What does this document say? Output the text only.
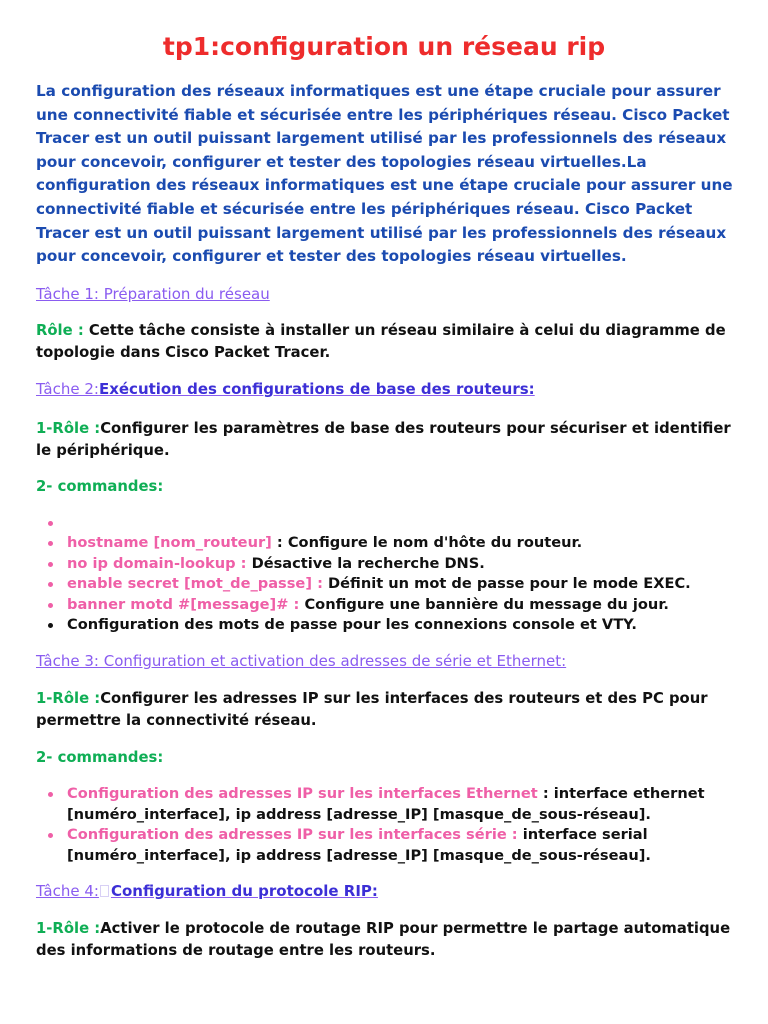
tp1:configuration un réseau rip

La configuration des réseaux informatiques est une étape cruciale pour assurer une connectivité fiable et sécurisée entre les périphériques réseau. Cisco Packet Tracer est un outil puissant largement utilisé par les professionnels des réseaux pour concevoir, configurer et tester des topologies réseau virtuelles.La configuration des réseaux informatiques est une étape cruciale pour assurer une connectivité fiable et sécurisée entre les périphériques réseau. Cisco Packet Tracer est un outil puissant largement utilisé par les professionnels des réseaux pour concevoir, configurer et tester des topologies réseau virtuelles.

Tâche 1: Préparation du réseau

Rôle : Cette tâche consiste à installer un réseau similaire à celui du diagramme de topologie dans Cisco Packet Tracer.

Tâche 2:Exécution des configurations de base des routeurs:

1-Rôle :Configurer les paramètres de base des routeurs pour sécuriser et identifier le périphérique.

2- commandes:

hostname [nom_routeur] : Configure le nom d'hôte du routeur.
no ip domain-lookup : Désactive la recherche DNS.
enable secret [mot_de_passe] : Définit un mot de passe pour le mode EXEC.
banner motd #[message]# : Configure une bannière du message du jour.
Configuration des mots de passe pour les connexions console et VTY.

Tâche 3: Configuration et activation des adresses de série et Ethernet:

1-Rôle :Configurer les adresses IP sur les interfaces des routeurs et des PC pour permettre la connectivité réseau.

2- commandes:

Configuration des adresses IP sur les interfaces Ethernet : interface ethernet [numéro_interface], ip address [adresse_IP] [masque_de_sous-réseau].
Configuration des adresses IP sur les interfaces série : interface serial [numéro_interface], ip address [adresse_IP] [masque_de_sous-réseau].

Tâche 4: Configuration du protocole RIP:

1-Rôle :Activer le protocole de routage RIP pour permettre le partage automatique des informations de routage entre les routeurs.
